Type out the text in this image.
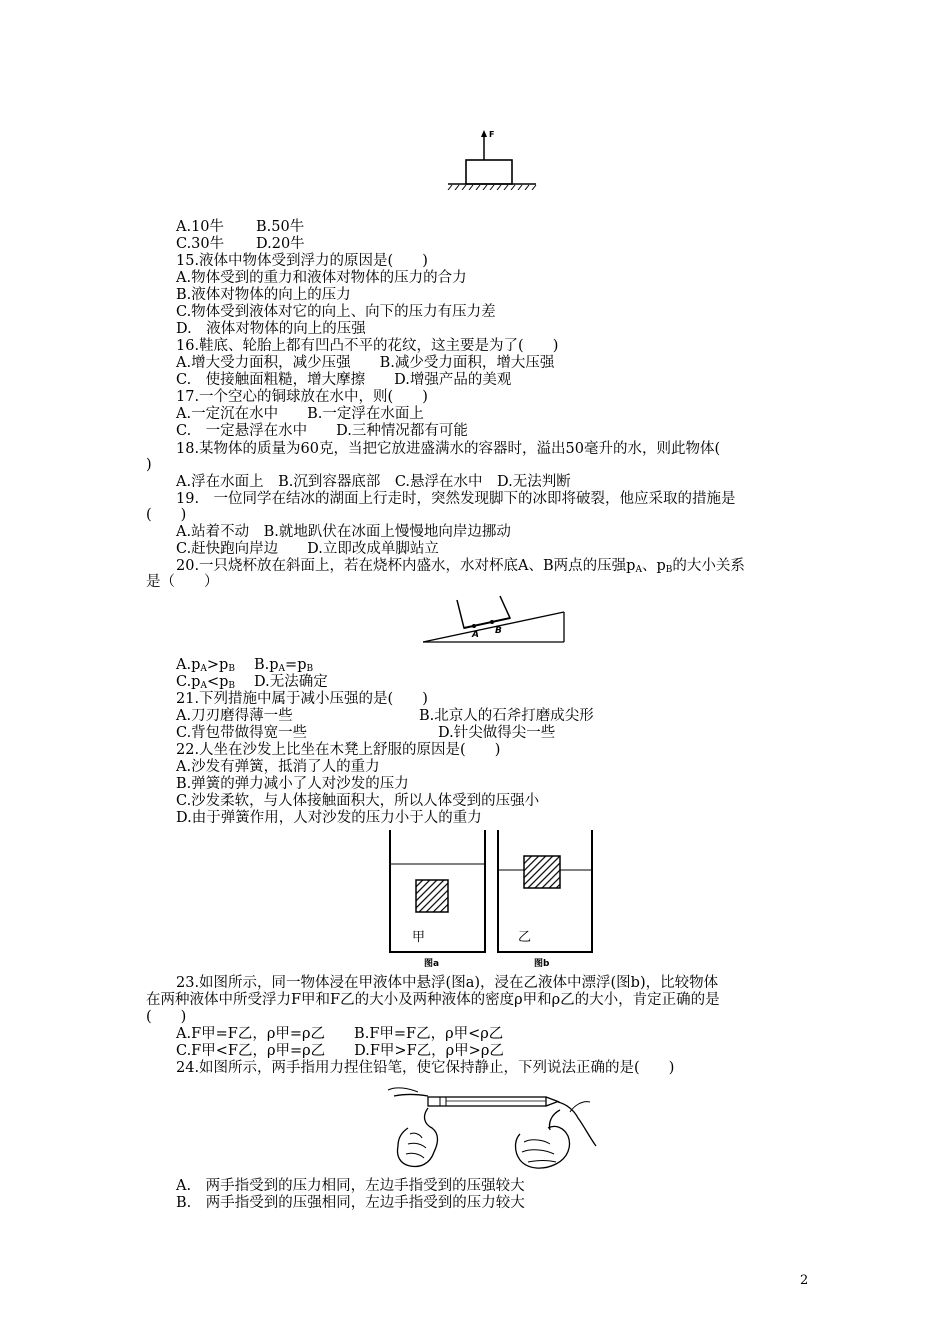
F
A.10牛 B.50牛
C.30牛 D.20牛
15.液体中物体受到浮力的原因是(　　)
A.物体受到的重力和液体对物体的压力的合力
B.液体对物体的向上的压力
C.物体受到液体对它的向上、向下的压力有压力差
D.　液体对物体的向上的压强
16.鞋底、轮胎上都有凹凸不平的花纹，这主要是为了(　　)
A.增大受力面积，减少压强　　B.减少受力面积，增大压强
C.　使接触面粗糙，增大摩擦　　D.增强产品的美观
17.一个空心的铜球放在水中，则(　　)
A.一定沉在水中　　B.一定浮在水面上
C.　一定悬浮在水中　　D.三种情况都有可能
18.某物体的质量为60克，当把它放进盛满水的容器时，溢出50毫升的水，则此物体(
)
A.浮在水面上　B.沉到容器底部　C.悬浮在水中　D.无法判断
19.　一位同学在结冰的湖面上行走时，突然发现脚下的冰即将破裂，他应采取的措施是
(　　)
A.站着不动　B.就地趴伏在冰面上慢慢地向岸边挪动
C.赶快跑向岸边　　D.立即改成单脚站立
20.一只烧杯放在斜面上，若在烧杯内盛水，水对杯底A、B两点的压强$p_A$、$p_B$的大小关系
是（　　）
A B
$A.p_A>p_B$ $B.p_A=p_B$
$C.p_A<p_B$ D.无法确定
21.下列措施中属于减小压强的是(　　)
A.刀刃磨得薄一些	B.北京人的石斧打磨成尖形
C.背包带做得宽一些	D.针尖做得尖一些
22.人坐在沙发上比坐在木凳上舒服的原因是(　　)
A.沙发有弹簧，抵消了人的重力
B.弹簧的弹力减小了人对沙发的压力
C.沙发柔软，与人体接触面积大，所以人体受到的压强小
D.由于弹簧作用，人对沙发的压力小于人的重力
甲	乙
图a	图b
23.如图所示，同一物体浸在甲液体中悬浮(图a)，浸在乙液体中漂浮(图b)，比较物体
在两种液体中所受浮力F甲和F乙的大小及两种液体的密度ρ甲和ρ乙的大小，肯定正确的是
(　　)
A.F甲=F乙，ρ甲=ρ乙　　B.F甲=F乙，ρ甲<ρ乙
C.F甲<F乙，ρ甲=ρ乙　　D.F甲>F乙，ρ甲>ρ乙
24.如图所示，两手指用力捏住铅笔，使它保持静止，下列说法正确的是(　　)
A.　两手指受到的压力相同，左边手指受到的压强较大
B.　两手指受到的压强相同，左边手指受到的压力较大
2
